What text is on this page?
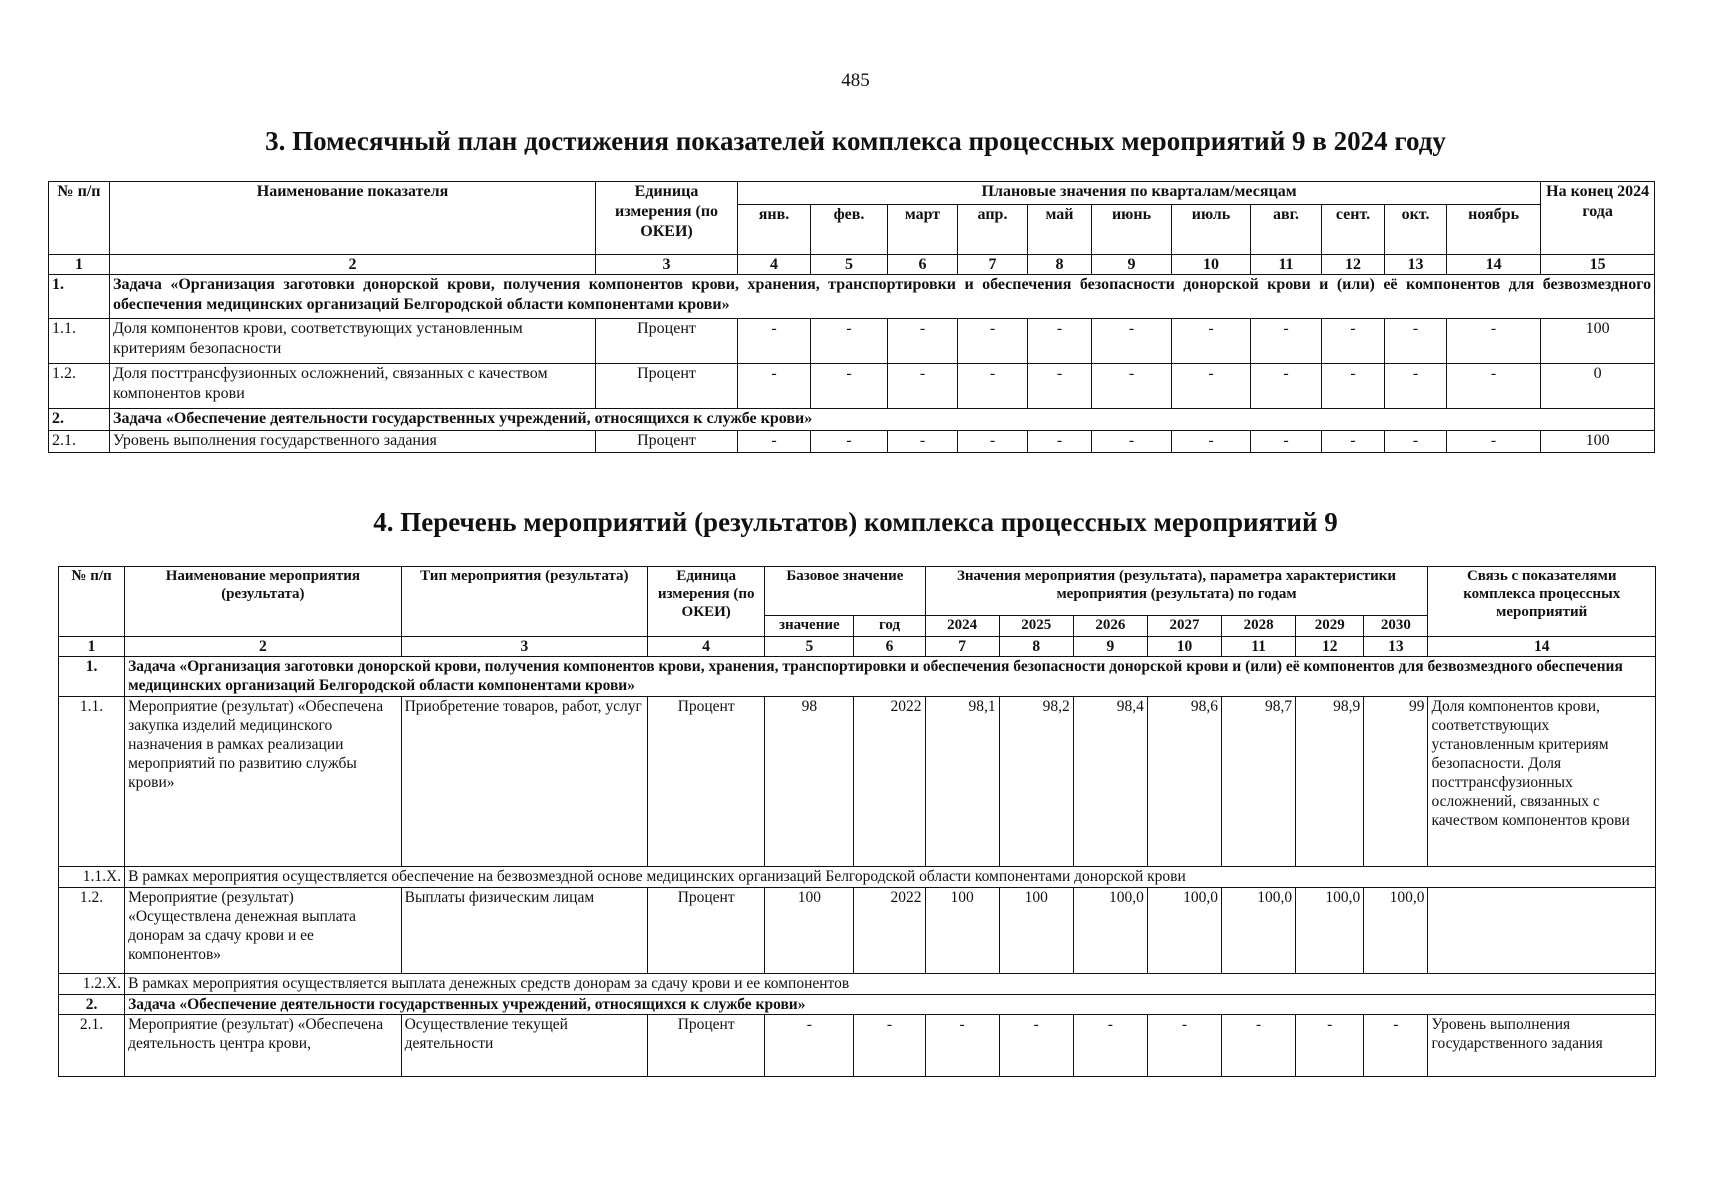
485
3. Помесячный план достижения показателей комплекса процессных мероприятий 9 в 2024 году
№ п/п	Наименование показателя	Единица измерения (по ОКЕИ)	Плановые значения по кварталам/месяцам											На конец 2024 года
			янв.	фев.	март	апр.	май	июнь	июль	авг.	сент.	окт.	ноябрь	
1	2	3	4	5	6	7	8	9	10	11	12	13	14	15
1.	Задача «Организация заготовки донорской крови, получения компонентов крови, хранения, транспортировки и обеспечения безопасности донорской крови и (или) её компонентов для безвозмездного обеспечения медицинских организаций Белгородской области компонентами крови»													
1.1.	Доля компонентов крови, соответствующих установленным критериям безопасности	Процент	-	-	-	-	-	-	-	-	-	-	-	100
1.2.	Доля посттрансфузионных осложнений, связанных с качеством компонентов крови	Процент	-	-	-	-	-	-	-	-	-	-	-	0
2.	Задача «Обеспечение деятельности государственных учреждений, относящихся к службе крови»													
2.1.	Уровень выполнения государственного задания	Процент	-	-	-	-	-	-	-	-	-	-	-	100
4. Перечень мероприятий (результатов) комплекса процессных мероприятий 9
№ п/п	Наименование мероприятия (результата)	Тип мероприятия (результата)	Единица измерения (по ОКЕИ)	Базовое значение		Значения мероприятия (результата), параметра характеристики мероприятия (результата) по годам							Связь с показателями комплекса процессных мероприятий
				значение	год	2024	2025	2026	2027	2028	2029	2030	
1	2	3	4	5	6	7	8	9	10	11	12	13	14
1.	Задача «Организация заготовки донорской крови, получения компонентов крови, хранения, транспортировки и обеспечения безопасности донорской крови и (или) её компонентов для безвозмездного обеспечения медицинских организаций Белгородской области компонентами крови»												
1.1.	Мероприятие (результат) «Обеспечена закупка изделий медицинского назначения в рамках реализации мероприятий по развитию службы крови»	Приобретение товаров, работ, услуг	Процент	98	2022	98,1	98,2	98,4	98,6	98,7	98,9	99	Доля компонентов крови, соответствующих установленным критериям безопасности. Доля посттрансфузионных осложнений, связанных с качеством компонентов крови
1.1.Х.	В рамках мероприятия осуществляется обеспечение на безвозмездной основе медицинских организаций Белгородской области компонентами донорской крови												
1.2.	Мероприятие (результат) «Осуществлена денежная выплата донорам за сдачу крови и ее компонентов»	Выплаты физическим лицам	Процент	100	2022	100	100	100,0	100,0	100,0	100,0	100,0	
1.2.Х.	В рамках мероприятия осуществляется выплата денежных средств донорам за сдачу крови и ее компонентов												
2.	Задача «Обеспечение деятельности государственных учреждений, относящихся к службе крови»												
2.1.	Мероприятие (результат) «Обеспечена деятельность центра крови,	Осуществление текущей деятельности	Процент	-	-	-	-	-	-	-	-	-	Уровень выполнения государственного задания
